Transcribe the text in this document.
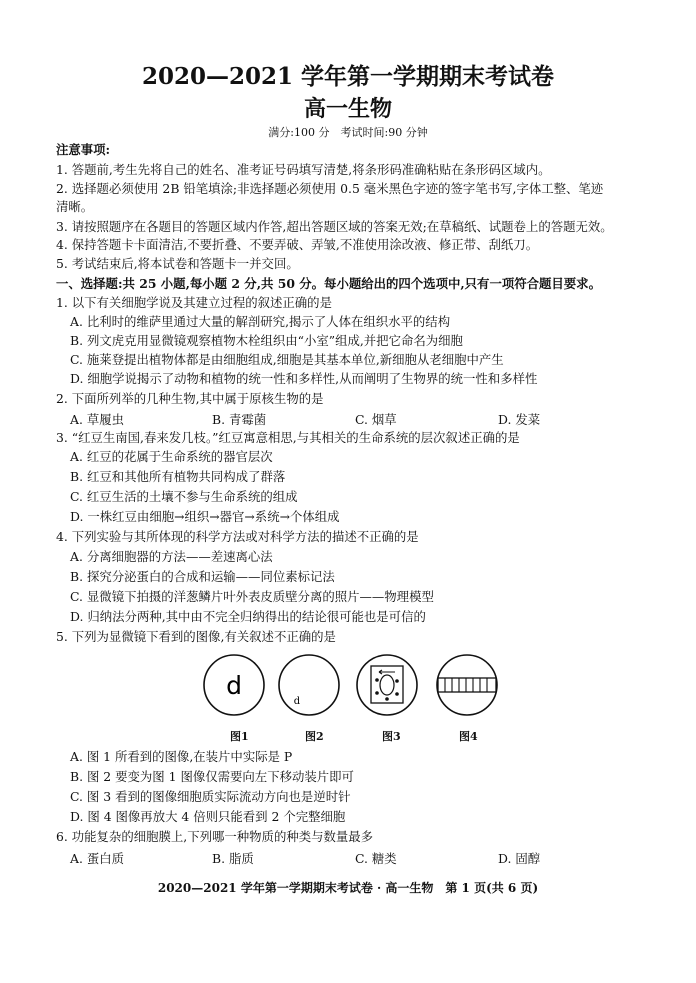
2020—2021 学年第一学期期末考试卷
高一生物
满分:100 分　考试时间:90 分钟
注意事项:
1. 答题前,考生先将自己的姓名、准考证号码填写清楚,将条形码准确粘贴在条形码区域内。
2. 选择题必须使用 2B 铅笔填涂;非选择题必须使用 0.5 毫米黑色字迹的签字笔书写,字体工整、笔迹
清晰。
3. 请按照题序在各题目的答题区域内作答,超出答题区域的答案无效;在草稿纸、试题卷上的答题无效。
4. 保持答题卡卡面清洁,不要折叠、不要弄破、弄皱,不准使用涂改液、修正带、刮纸刀。
5. 考试结束后,将本试卷和答题卡一并交回。
一、选择题:共 25 小题,每小题 2 分,共 50 分。每小题给出的四个选项中,只有一项符合题目要求。
1. 以下有关细胞学说及其建立过程的叙述正确的是
A. 比利时的维萨里通过大量的解剖研究,揭示了人体在组织水平的结构
B. 列文虎克用显微镜观察植物木栓组织由“小室”组成,并把它命名为细胞
C. 施莱登提出植物体都是由细胞组成,细胞是其基本单位,新细胞从老细胞中产生
D. 细胞学说揭示了动物和植物的统一性和多样性,从而阐明了生物界的统一性和多样性
2. 下面所列举的几种生物,其中属于原核生物的是
A. 草履虫	B. 青霉菌	C. 烟草	D. 发菜
3. “红豆生南国,春来发几枝。”红豆寓意相思,与其相关的生命系统的层次叙述正确的是
A. 红豆的花属于生命系统的器官层次
B. 红豆和其他所有植物共同构成了群落
C. 红豆生活的土壤不参与生命系统的组成
D. 一株红豆由细胞→组织→器官→系统→个体组成
4. 下列实验与其所体现的科学方法或对科学方法的描述不正确的是
A. 分离细胞器的方法——差速离心法
B. 探究分泌蛋白的合成和运输——同位素标记法
C. 显微镜下拍摄的洋葱鳞片叶外表皮质壁分离的照片——物理模型
D. 归纳法分两种,其中由不完全归纳得出的结论很可能也是可信的
5. 下列为显微镜下看到的图像,有关叙述不正确的是
d
d
图1	图2	图3	图4
A. 图 1 所看到的图像,在装片中实际是 P
B. 图 2 要变为图 1 图像仅需要向左下移动装片即可
C. 图 3 看到的图像细胞质实际流动方向也是逆时针
D. 图 4 图像再放大 4 倍则只能看到 2 个完整细胞
6. 功能复杂的细胞膜上,下列哪一种物质的种类与数量最多
A. 蛋白质	B. 脂质	C. 糖类	D. 固醇
2020—2021 学年第一学期期末考试卷 · 高一生物　第 1 页(共 6 页)
